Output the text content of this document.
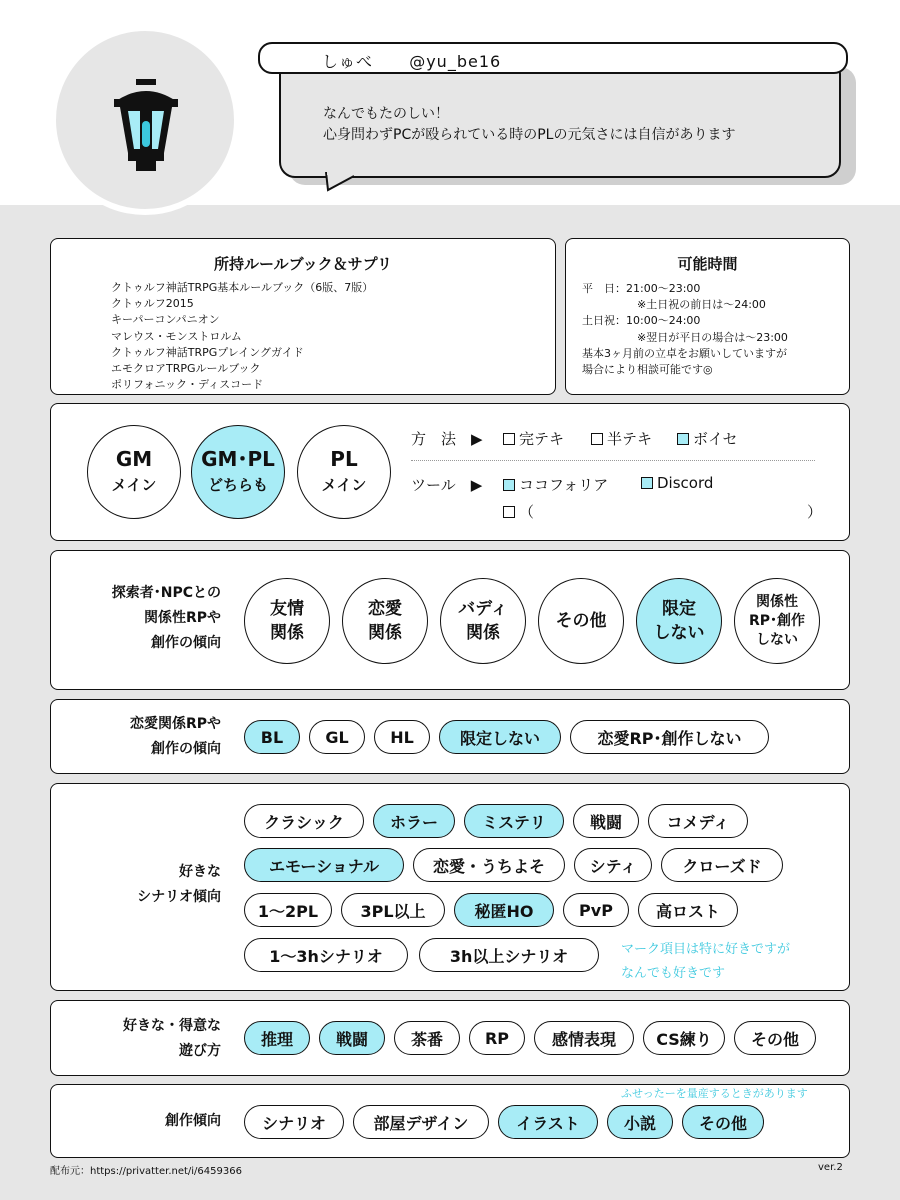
しゅべ @yu_be16
なんでもたのしい！
心身問わずPCが殴られている時のPLの元気さには自信があります
所持ルールブック＆サプリ
クトゥルフ神話TRPG基本ルールブック（6版、7版）
クトゥルフ2015
キーパーコンパニオン
マレウス・モンストロルム
クトゥルフ神話TRPGプレイングガイド
エモクロアTRPGルールブック
ポリフォニック・ディスコード
可能時間
平　日：21:00～23:00
　　　　　※土日祝の前日は～24:00
土日祝：10:00～24:00
　　　　　※翌日が平日の場合は～23:00
基本3ヶ月前の立卓をお願いしていますが
場合により相談可能です◎
GM
メイン
GM･PL
どちらも
PL
メイン
方　法　▶	完テキ	半テキ	ボイセ
ツール　▶	ココフォリア	Discord
（	）
探索者･NPCとの
関係性RPや
創作の傾向
友情
関係
恋愛
関係
バディ
関係
その他
限定
しない
関係性
RP･創作
しない
恋愛関係RPや
創作の傾向
BL	GL	HL	限定しない	恋愛RP･創作しない
好きな
シナリオ傾向
クラシック	ホラー	ミステリ	戦闘	コメディ
エモーショナル	恋愛・うちよそ	シティ	クローズド
1～2PL	3PL以上	秘匿HO	PvP	高ロスト
1～3hシナリオ	3h以上シナリオ	マーク項目は特に好きですが
なんでも好きです
好きな・得意な
遊び方
推理	戦闘	茶番	RP	感情表現	CS練り	その他
創作傾向
ふせったーを量産するときがあります
シナリオ	部屋デザイン	イラスト	小説	その他
配布元：https://privatter.net/i/6459366	ver.2
